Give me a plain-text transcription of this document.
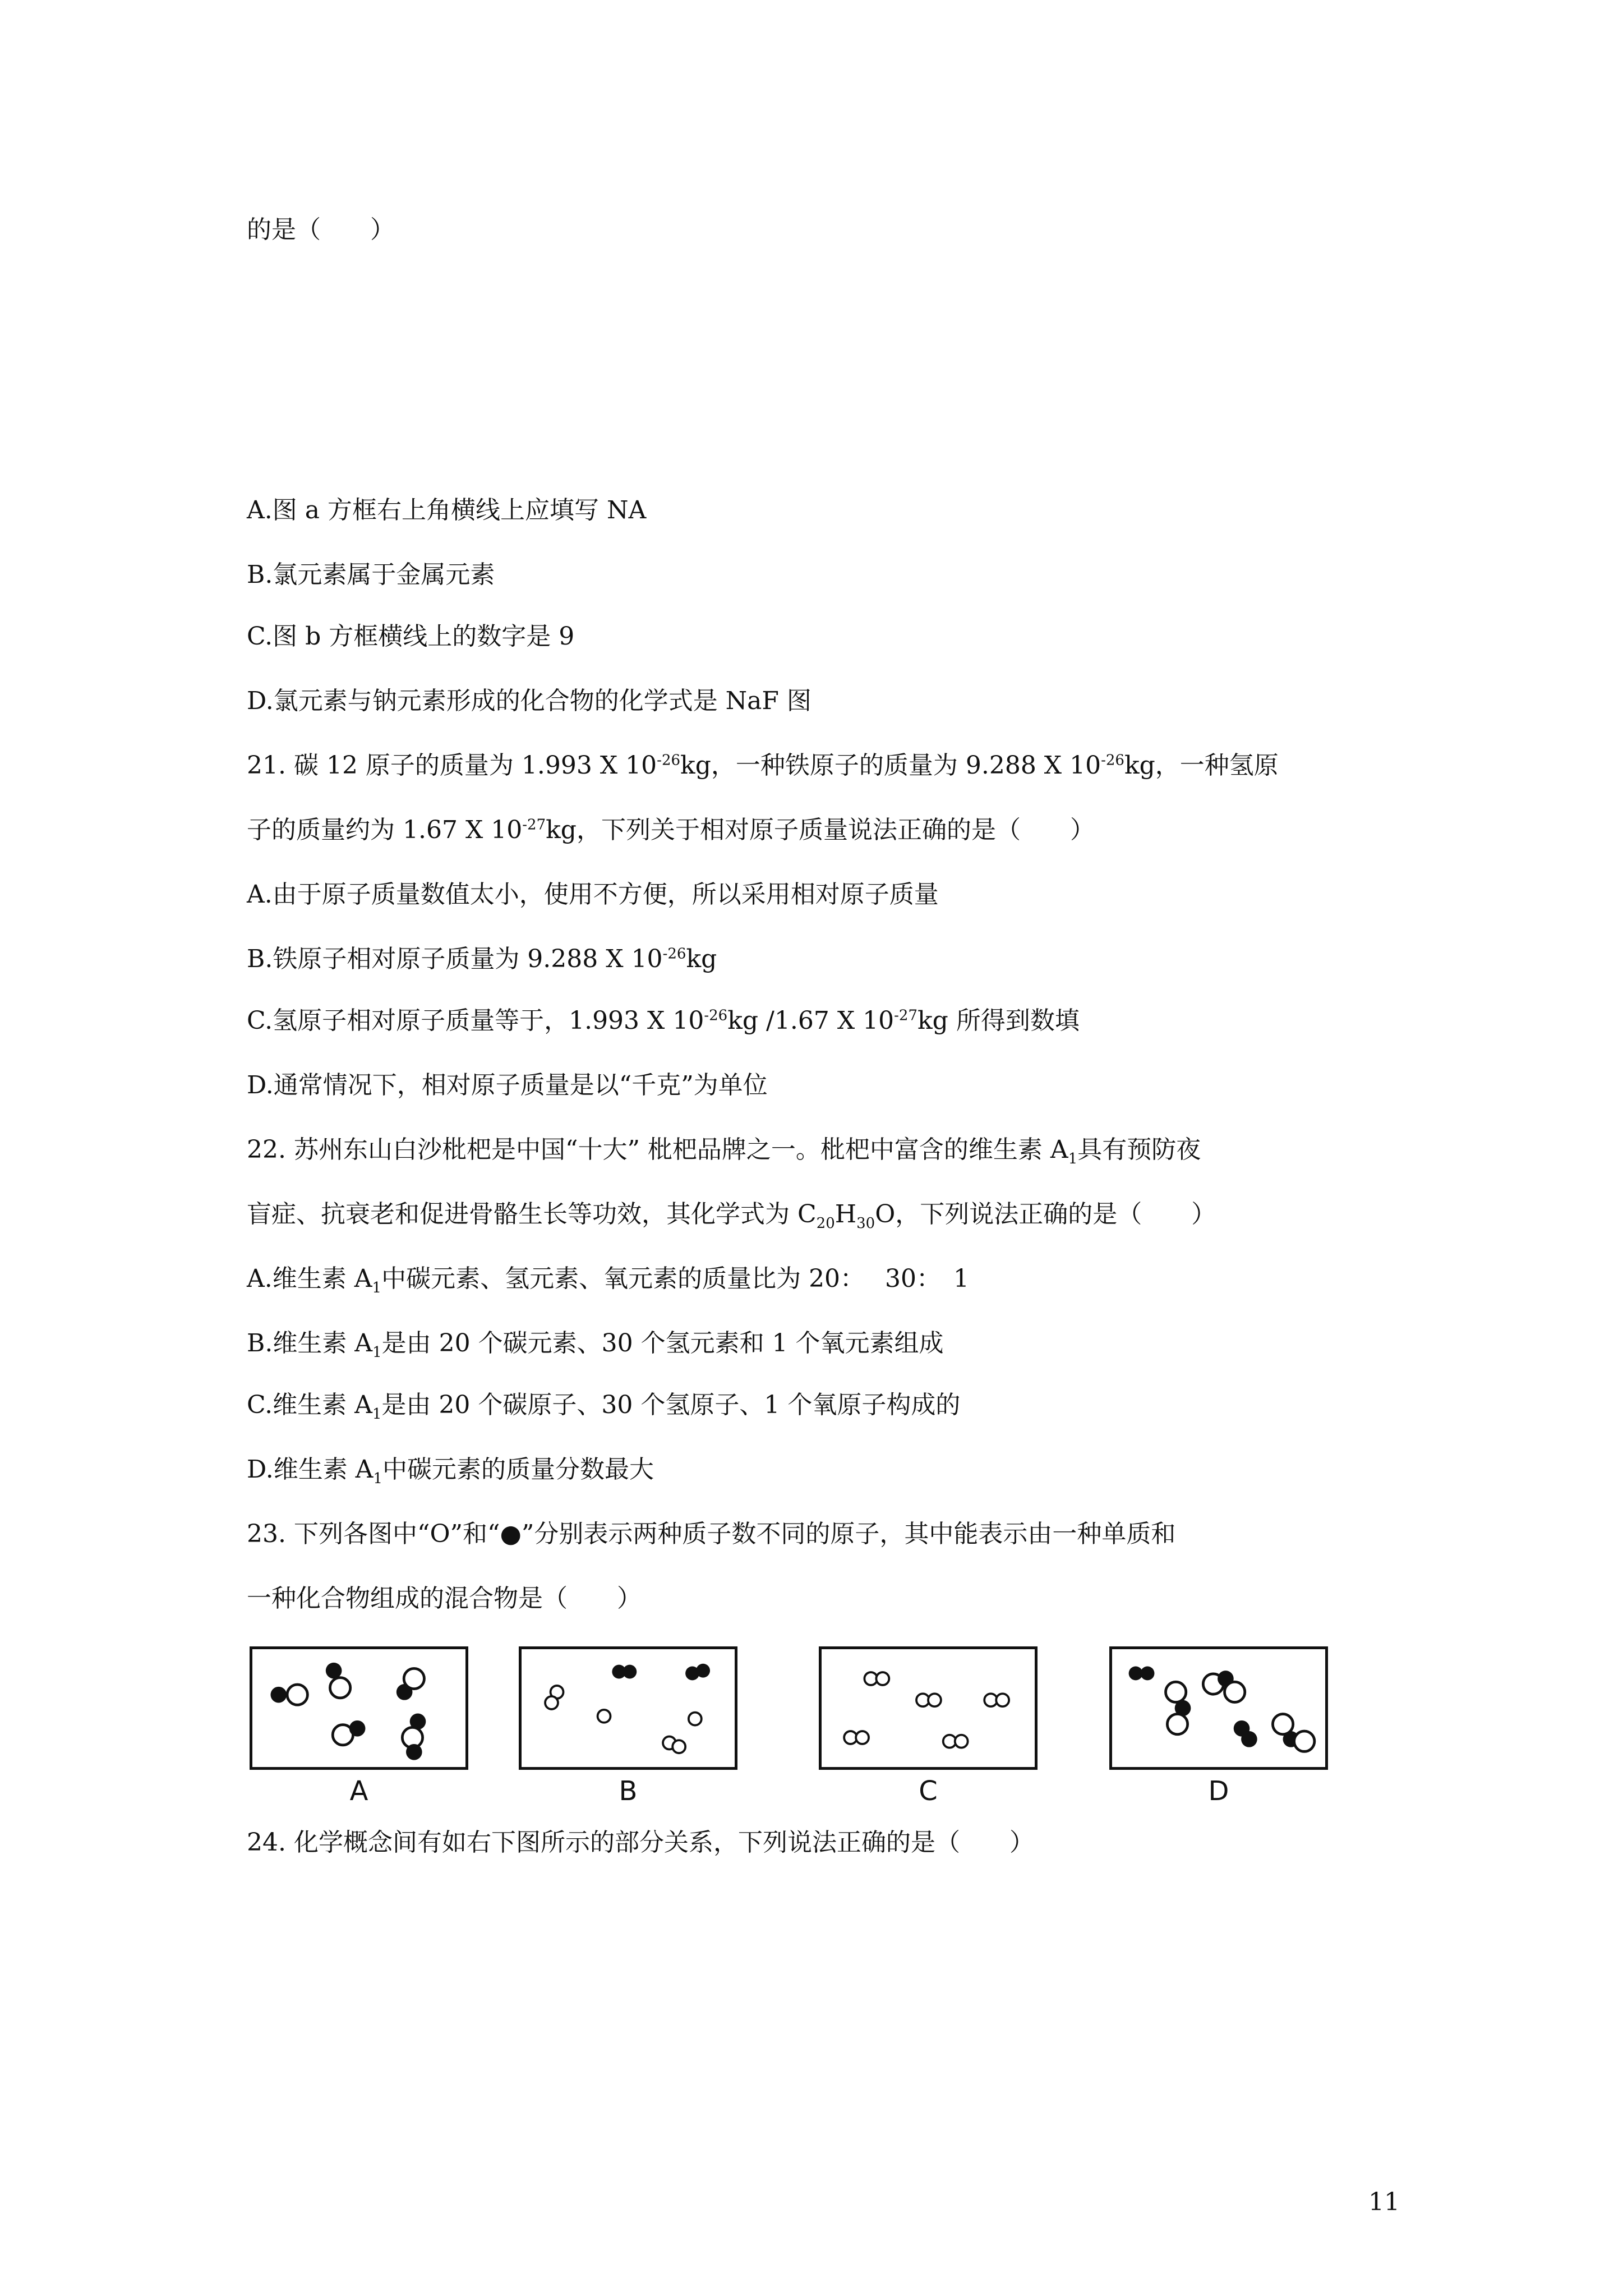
的是（　　）
A.图 a 方框右上角横线上应填写 NA
B.氯元素属于金属元素
C.图 b 方框横线上的数字是 9
D.氯元素与钠元素形成的化合物的化学式是 NaF 图
21. 碳 12 原子的质量为 1.993 X $10^{-26}kg$，一种铁原子的质量为 9.288 X $10^{-26}kg$，一种氢原
子的质量约为 1.67 X $10^{-27}kg$，下列关于相对原子质量说法正确的是（　　）
A.由于原子质量数值太小，使用不方便，所以采用相对原子质量
B.铁原子相对原子质量为 9.288 X $10^{-26}kg$
C.氢原子相对原子质量等于，1.993 X $10^{-26}kg$ /1.67 X $10^{-27}kg$ 所得到数填
D.通常情况下，相对原子质量是以“千克”为单位
22. 苏州东山白沙枇杷是中国“十大” 枇杷品牌之一。枇杷中富含的维生素 $A_1$具有预防夜
盲症、抗衰老和促进骨骼生长等功效，其化学式为 $C_{20}H_{30}O$，下列说法正确的是（　　）
A.维生素 $A_1$中碳元素、氢元素、氧元素的质量比为 20：　 30：　1
B.维生素 $A_1$是由 20 个碳元素、30 个氢元素和 1 个氧元素组成
C.维生素 $A_1$是由 20 个碳原子、30 个氢原子、1 个氧原子构成的
D.维生素 $A_1$中碳元素的质量分数最大
23. 下列各图中“O”和“●”分别表示两种质子数不同的原子，其中能表示由一种单质和
一种化合物组成的混合物是（　　）
A	B	C	D
24. 化学概念间有如右下图所示的部分关系，下列说法正确的是（　　）
11
